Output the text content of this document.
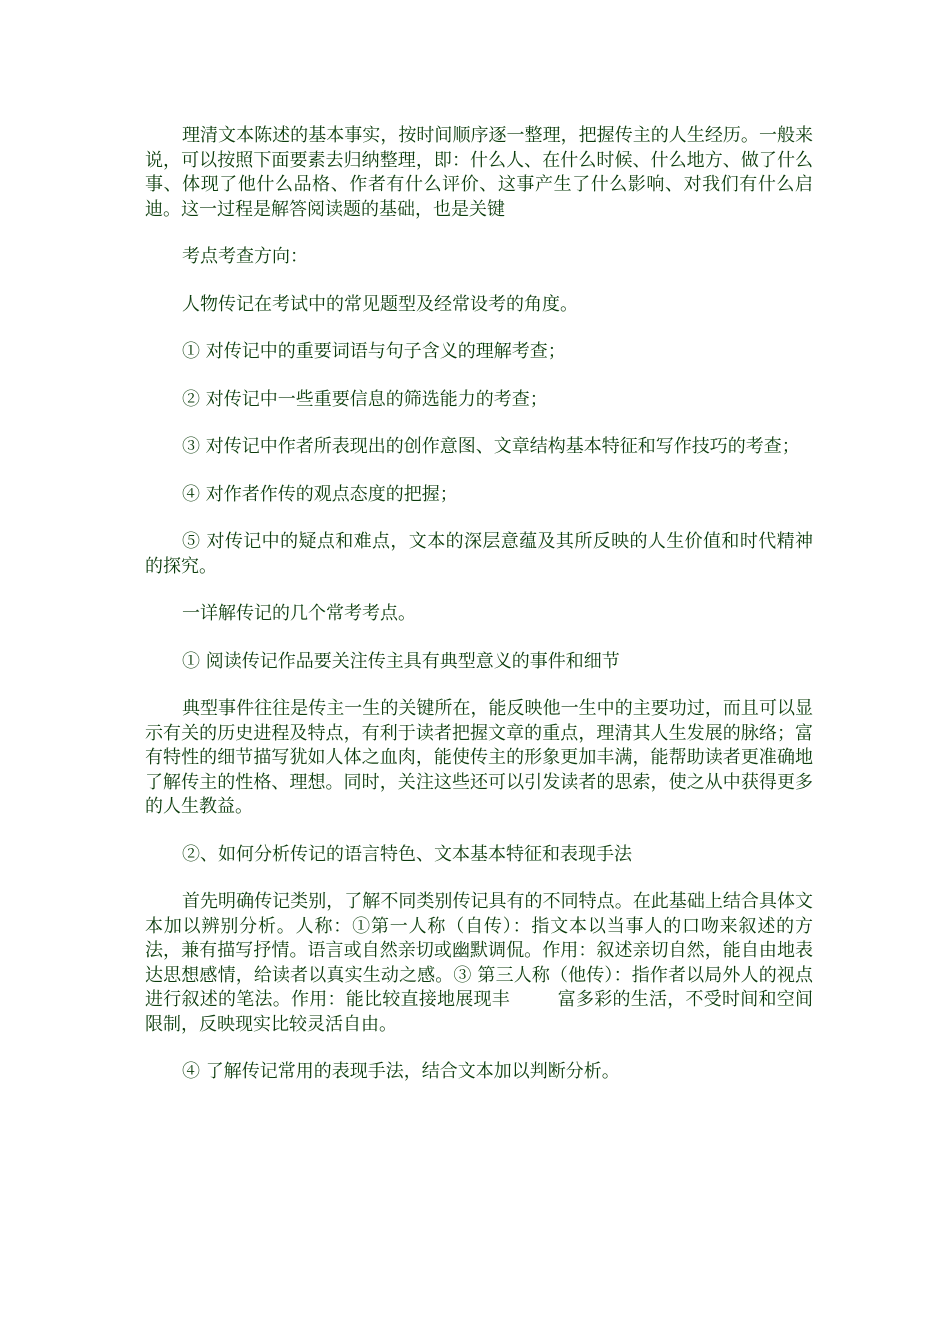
理清文本陈述的基本事实，按时间顺序逐一整理，把握传主的人生经历。一般来说，可以按照下面要素去归纳整理，即：什么人、在什么时候、什么地方、做了什么事、体现了他什么品格、作者有什么评价、这事产生了什么影响、对我们有什么启迪。这一过程是解答阅读题的基础，也是关键

考点考查方向：

人物传记在考试中的常见题型及经常设考的角度。

① 对传记中的重要词语与句子含义的理解考查；

② 对传记中一些重要信息的筛选能力的考查；

③ 对传记中作者所表现出的创作意图、文章结构基本特征和写作技巧的考查；

④ 对作者作传的观点态度的把握；

⑤ 对传记中的疑点和难点，文本的深层意蕴及其所反映的人生价值和时代精神的探究。

一详解传记的几个常考考点。

① 阅读传记作品要关注传主具有典型意义的事件和细节

典型事件往往是传主一生的关键所在，能反映他一生中的主要功过，而且可以显示有关的历史进程及特点，有利于读者把握文章的重点，理清其人生发展的脉络；富有特性的细节描写犹如人体之血肉，能使传主的形象更加丰满，能帮助读者更准确地了解传主的性格、理想。同时，关注这些还可以引发读者的思索，使之从中获得更多的人生教益。

②、如何分析传记的语言特色、文本基本特征和表现手法

首先明确传记类别，了解不同类别传记具有的不同特点。在此基础上结合具体文本加以辨别分析。人称：①第一人称（自传）：指文本以当事人的口吻来叙述的方法，兼有描写抒情。语言或自然亲切或幽默调侃。作用：叙述亲切自然，能自由地表达思想感情，给读者以真实生动之感。③ 第三人称（他传）：指作者以局外人的视点进行叙述的笔法。作用：能比较直接地展现丰        富多彩的生活，不受时间和空间限制，反映现实比较灵活自由。

④ 了解传记常用的表现手法，结合文本加以判断分析。
